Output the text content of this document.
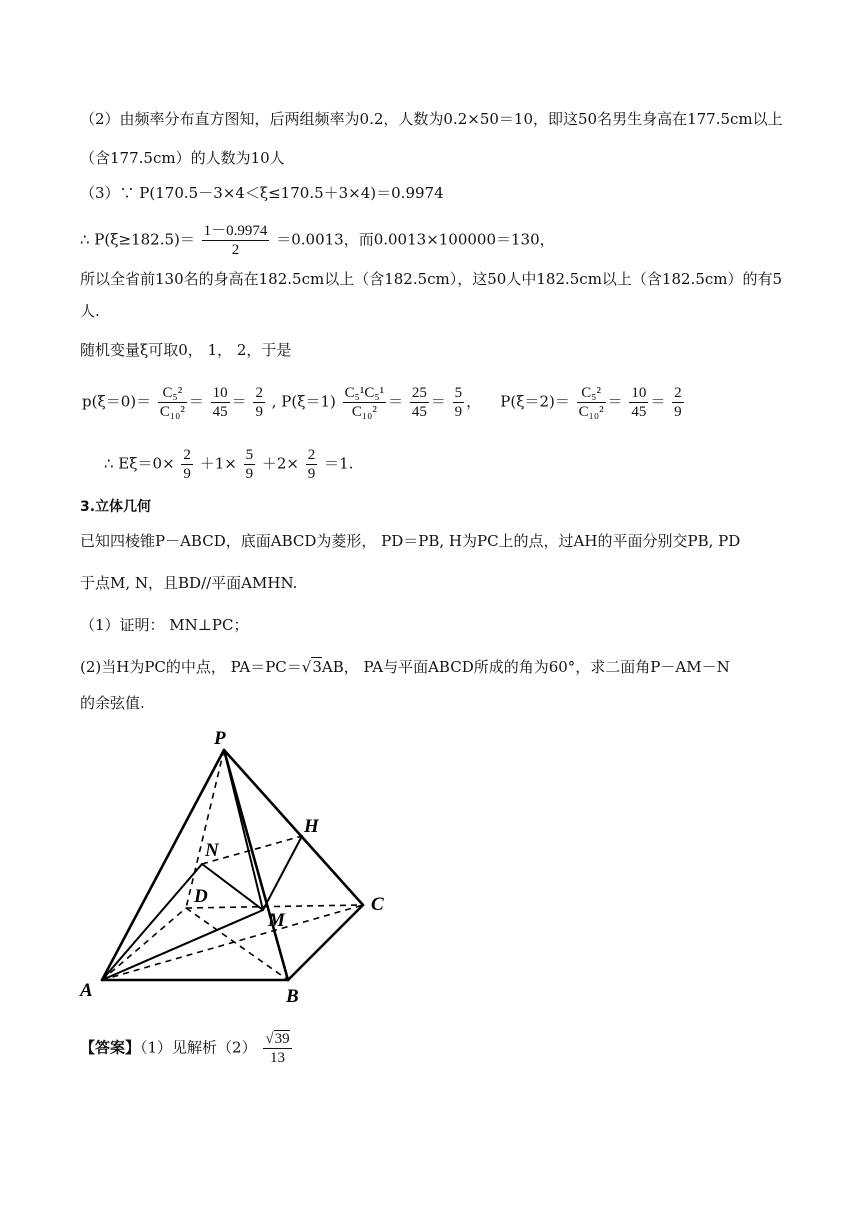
（2）由频率分布直方图知，后两组频率为0.2，人数为0.2×50＝10，即这50名男生身高在177.5cm以上
（含177.5cm）的人数为10人
（3）∵ P(170.5－3×4＜ξ≤170.5＋3×4)＝0.9974
∴ $P(\xi\ge 182.5)= \frac{1-0.9974}{2} =0.0013$，而0.0013×100000＝130，
所以全省前130名的身高在182.5cm以上（含182.5cm），这50人中182.5cm以上（含182.5cm）的有5
人.
随机变量ξ可取0， 1， 2，于是
$p(\xi=0)= \frac{\text{C₅²}}{\text{C₁₀²}} = \frac{10}{45} = \frac{2}{9}$ , $P(\xi=1) \frac{\text{C₅¹C₅¹}}{\text{C₁₀²}} = \frac{25}{45} = \frac{5}{9}$ ，    $P(\xi=2)= \frac{\text{C₅²}}{\text{C₁₀²}} = \frac{10}{45} = \frac{2}{9}$
∴ $E\xi=0\times \frac{2}{9} +1\times \frac{5}{9} +2\times \frac{2}{9} =1$.
3.立体几何
已知四棱锥P－ABCD，底面ABCD为菱形， PD＝PB, H为PC上的点，过AH的平面分别交PB, PD
于点M, N，且BD//平面AMHN.
（1）证明： MN⊥PC；
(2)当H为PC的中点， PA＝PC＝√3AB， PA与平面ABCD所成的角为60°，求二面角P－AM－N
的余弦值.
P
H
N
D
M
C
A	B
【答案】（1）见解析$(2) \frac{√39}{13}$
